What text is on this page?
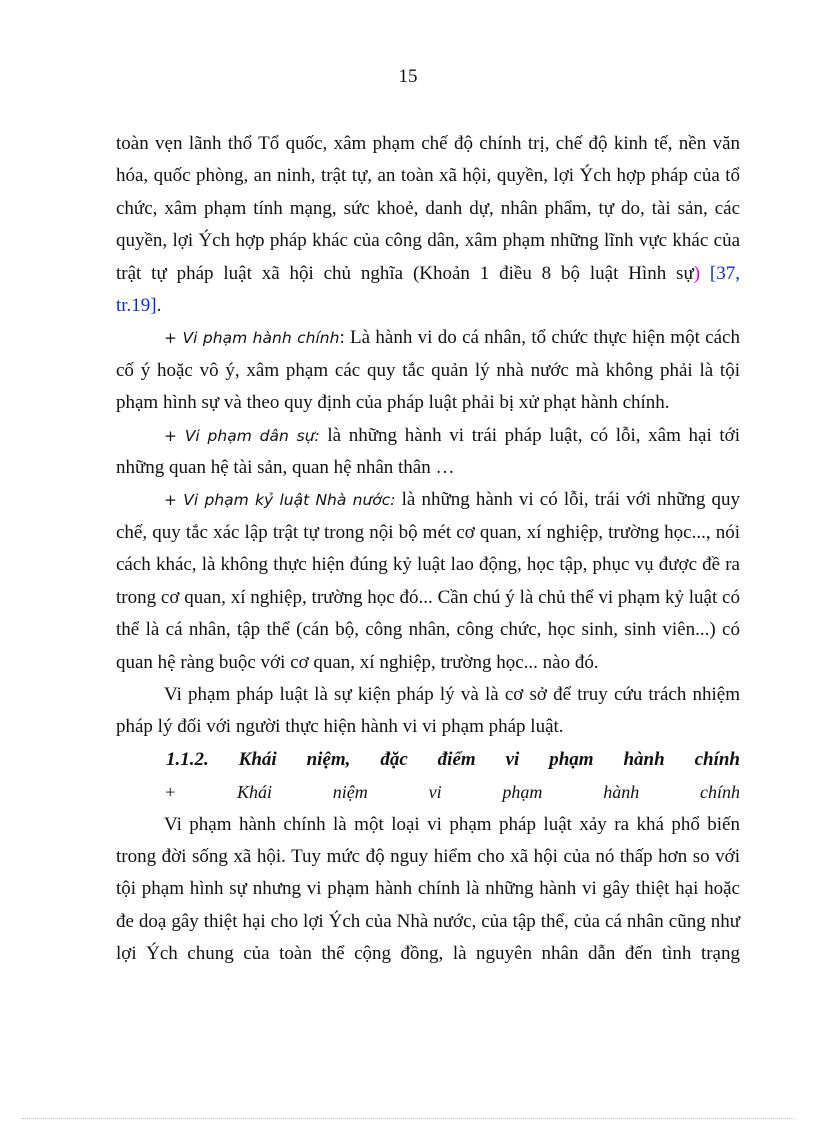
15

toàn vẹn lãnh thổ Tổ quốc, xâm phạm chế độ chính trị, chế độ kinh tế, nền văn hóa, quốc phòng, an ninh, trật tự, an toàn xã hội, quyền, lợi Ých hợp pháp của tổ chức, xâm phạm tính mạng, sức khoẻ, danh dự, nhân phẩm, tự do, tài sản, các quyền, lợi Ých hợp pháp khác của công dân, xâm phạm những lĩnh vực khác của trật tự pháp luật xã hội chủ nghĩa (Khoản 1 điều 8 bộ luật Hình sự) [37,

tr.19].

+ Vi phạm hành chính: Là hành vi do cá nhân, tổ chức thực hiện một cách cố ý hoặc vô ý, xâm phạm các quy tắc quản lý nhà nước mà không phải là tội phạm hình sự và theo quy định của pháp luật phải bị xử phạt hành chính.

+ Vi phạm dân sự: là những hành vi trái pháp luật, có lỗi, xâm hại tới những quan hệ tài sản, quan hệ nhân thân …

+ Vi phạm kỷ luật Nhà nước: là những hành vi có lỗi, trái với những quy chế, quy tắc xác lập trật tự trong nội bộ mét cơ quan, xí nghiệp, trường học..., nói cách khác, là không thực hiện đúng kỷ luật lao động, học tập, phục vụ được đề ra trong cơ quan, xí nghiệp, trường học đó... Cần chú ý là chủ thể vi phạm kỷ luật có thể là cá nhân, tập thể (cán bộ, công nhân, công chức, học sinh, sinh viên...) có quan hệ ràng buộc với cơ quan, xí nghiệp, trường học... nào đó.

Vi phạm pháp luật là sự kiện pháp lý và là cơ sở để truy cứu trách nhiệm pháp lý đối với người thực hiện hành vi vi phạm pháp luật.

1.1.2. Khái niệm, đặc điểm vi phạm hành chính

+ Khái niệm vi phạm hành chính

Vi phạm hành chính là một loại vi phạm pháp luật xảy ra khá phổ biến trong đời sống xã hội. Tuy mức độ nguy hiểm cho xã hội của nó thấp hơn so với tội phạm hình sự nhưng vi phạm hành chính là những hành vi gây thiệt hại hoặc đe doạ gây thiệt hại cho lợi Ých của Nhà nước, của tập thể, của cá nhân cũng như lợi Ých chung của toàn thể cộng đồng, là nguyên nhân dẫn đến tình trạng
